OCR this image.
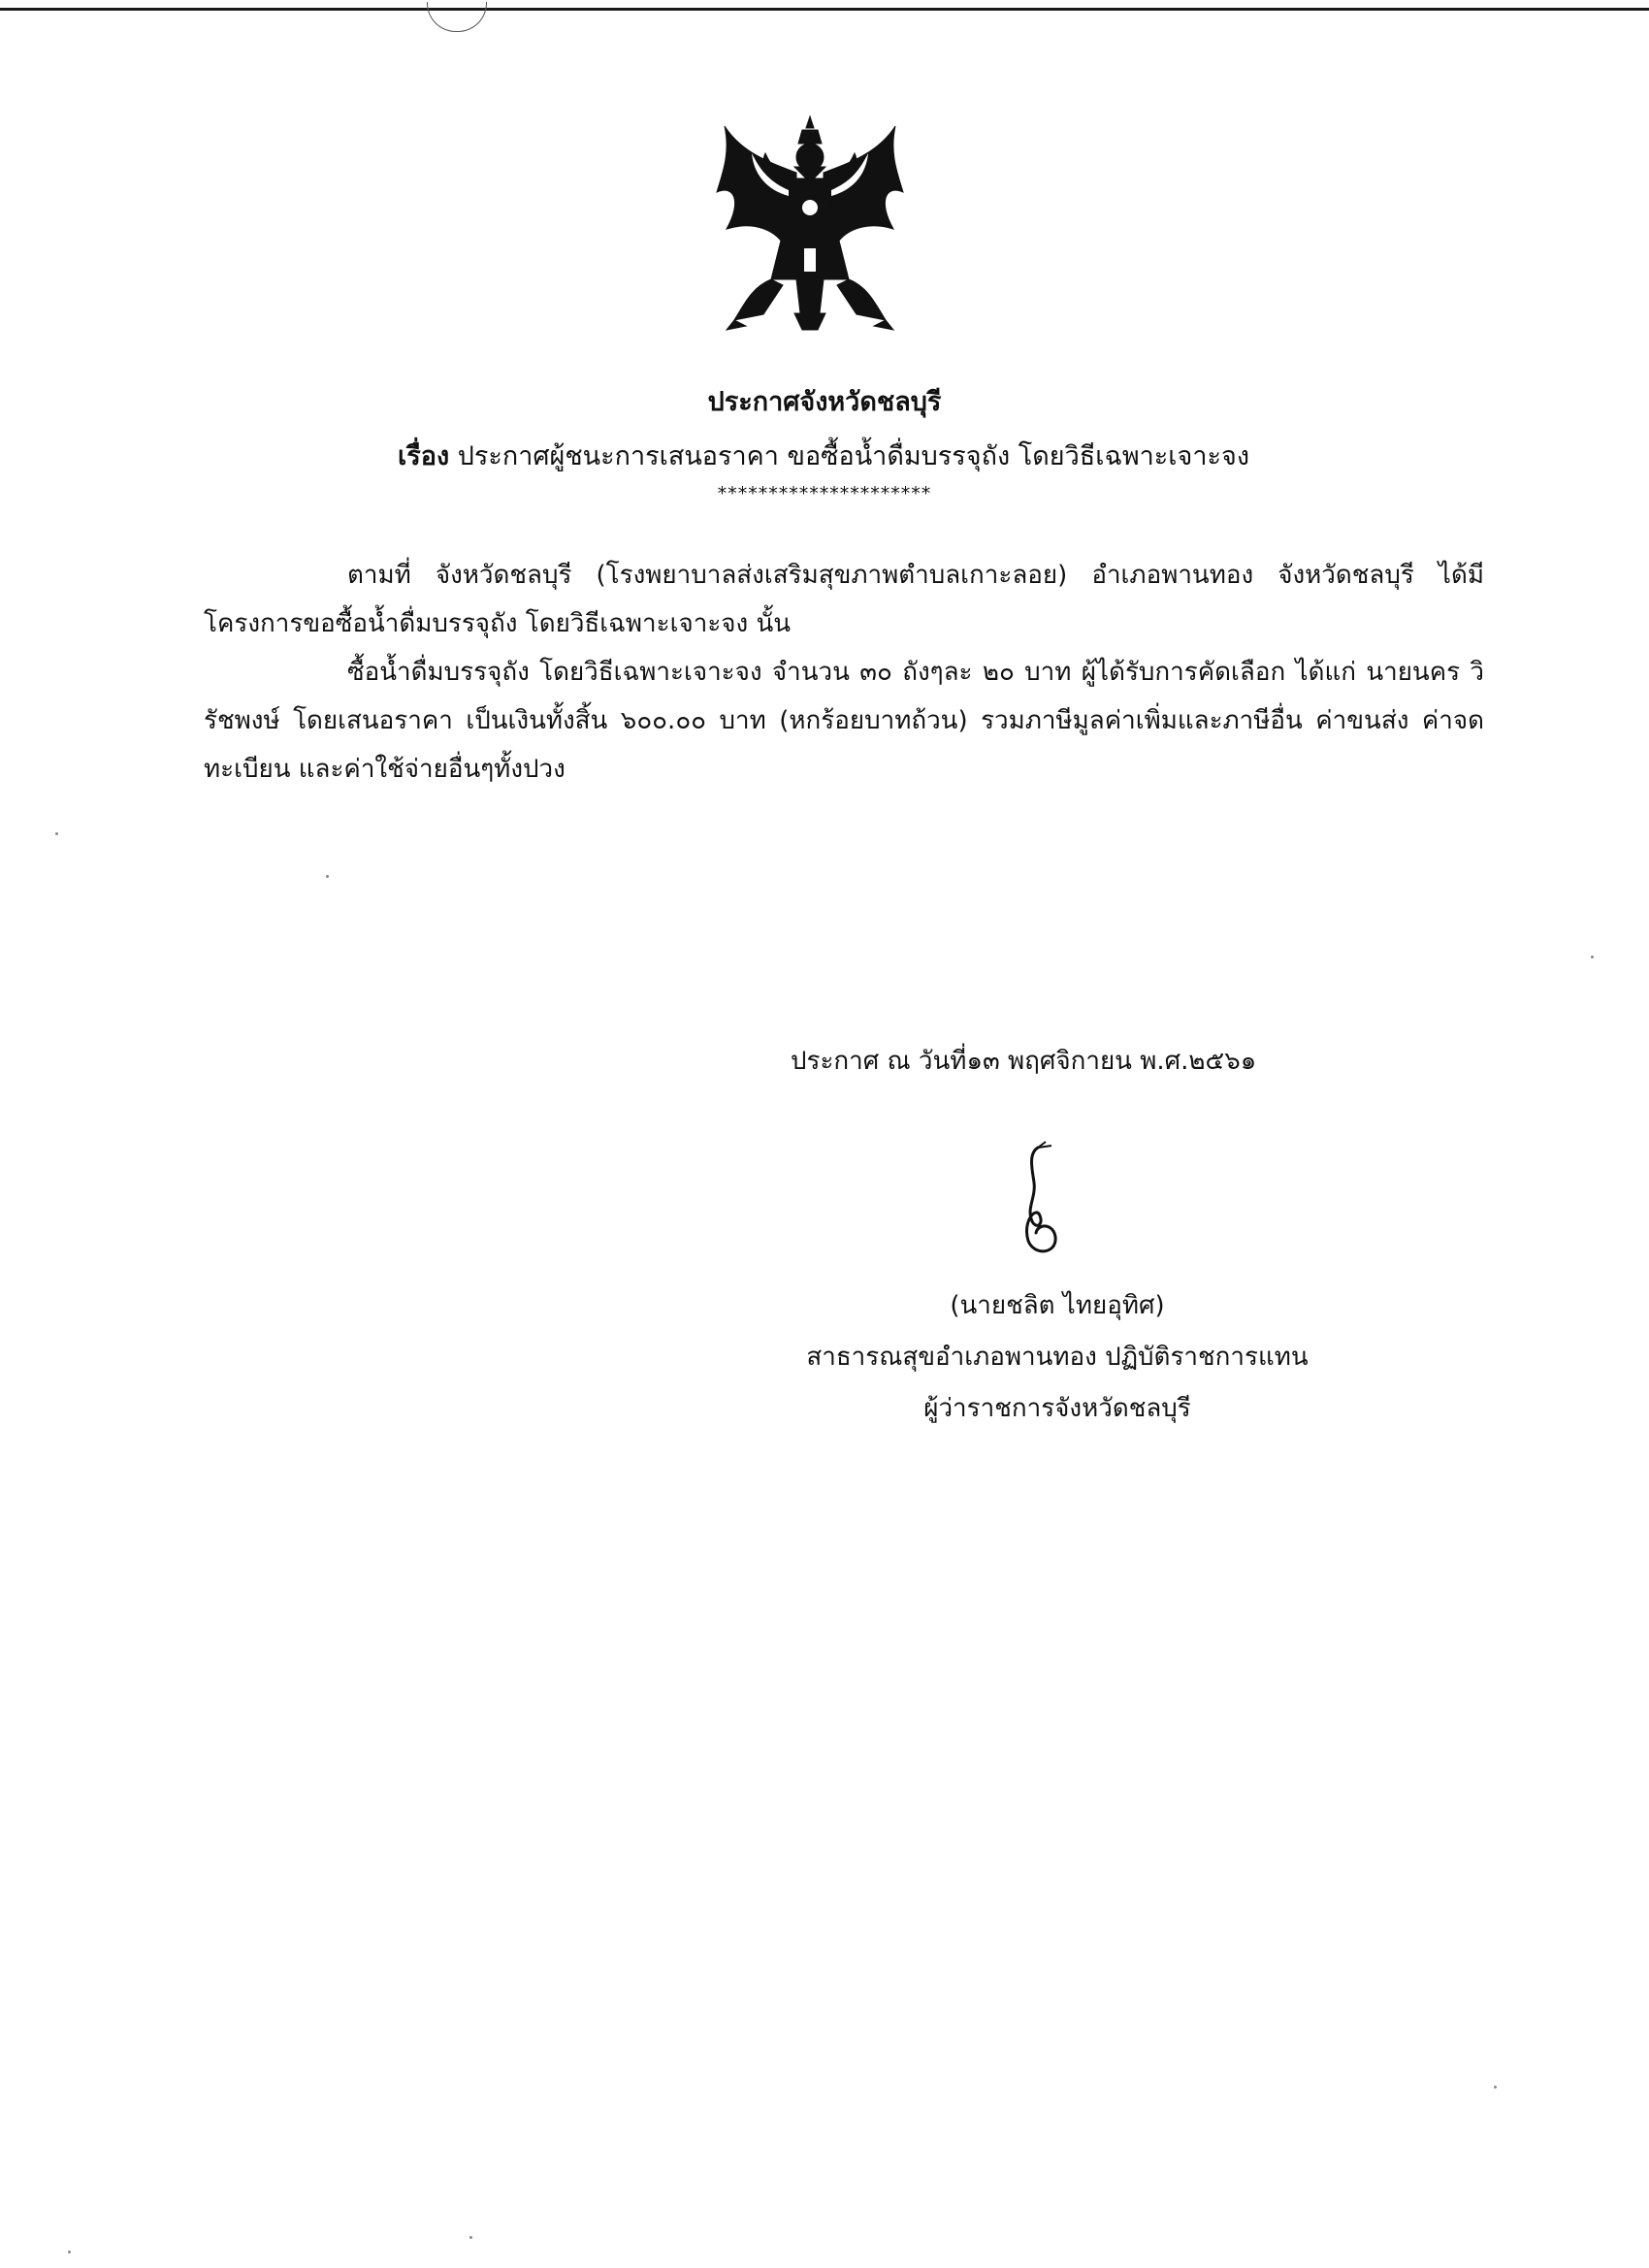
ประกาศจังหวัดชลบุรี
เรื่อง ประกาศผู้ชนะการเสนอราคา ขอซื้อน้ำดื่มบรรจุถัง โดยวิธีเฉพาะเจาะจง
*********************

ตามที่ จังหวัดชลบุรี (โรงพยาบาลส่งเสริมสุขภาพตำบลเกาะลอย) อำเภอพานทอง จังหวัดชลบุรี ได้มีโครงการขอซื้อน้ำดื่มบรรจุถัง โดยวิธีเฉพาะเจาะจง นั้น

ซื้อน้ำดื่มบรรจุถัง โดยวิธีเฉพาะเจาะจง จำนวน ๓๐ ถังๆละ ๒๐ บาท ผู้ได้รับการคัดเลือก ได้แก่ นายนคร วิรัชพงษ์ โดยเสนอราคา เป็นเงินทั้งสิ้น ๖๐๐.๐๐ บาท (หกร้อยบาทถ้วน) รวมภาษีมูลค่าเพิ่มและภาษีอื่น ค่าขนส่ง ค่าจดทะเบียน และค่าใช้จ่ายอื่นๆทั้งปวง

ประกาศ ณ วันที่๑๓ พฤศจิกายน พ.ศ.๒๕๖๑
(นายชลิต ไทยอุทิศ)
สาธารณสุขอำเภอพานทอง ปฏิบัติราชการแทน
ผู้ว่าราชการจังหวัดชลบุรี
